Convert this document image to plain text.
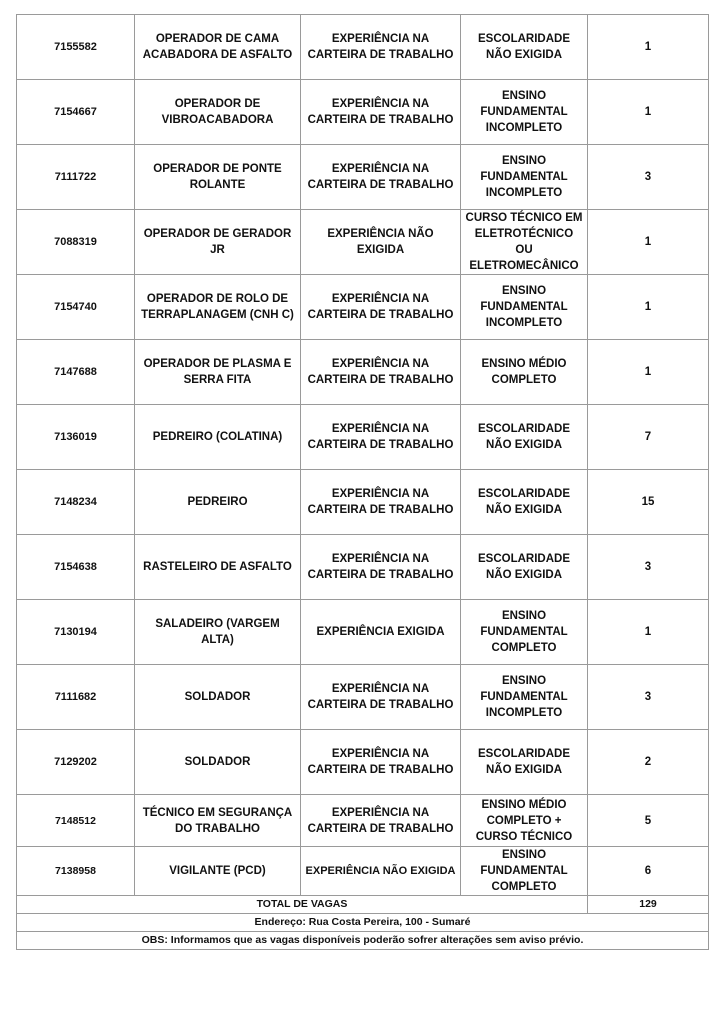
7155582	OPERADOR DE CAMA ACABADORA DE ASFALTO	EXPERIÊNCIA NA CARTEIRA DE TRABALHO	ESCOLARIDADE NÃO EXIGIDA	1
7154667	OPERADOR DE VIBROACABADORA	EXPERIÊNCIA NA CARTEIRA DE TRABALHO	ENSINO FUNDAMENTAL INCOMPLETO	1
7111722	OPERADOR DE PONTE ROLANTE	EXPERIÊNCIA NA CARTEIRA DE TRABALHO	ENSINO FUNDAMENTAL INCOMPLETO	3
7088319	OPERADOR DE GERADOR JR	EXPERIÊNCIA NÃO EXIGIDA	CURSO TÉCNICO EM ELETROTÉCNICO OU ELETROMECÂNICO	1
7154740	OPERADOR DE ROLO DE TERRAPLANAGEM (CNH C)	EXPERIÊNCIA NA CARTEIRA DE TRABALHO	ENSINO FUNDAMENTAL INCOMPLETO	1
7147688	OPERADOR DE PLASMA E SERRA FITA	EXPERIÊNCIA NA CARTEIRA DE TRABALHO	ENSINO MÉDIO COMPLETO	1
7136019	PEDREIRO (COLATINA)	EXPERIÊNCIA NA CARTEIRA DE TRABALHO	ESCOLARIDADE NÃO EXIGIDA	7
7148234	PEDREIRO	EXPERIÊNCIA NA CARTEIRA DE TRABALHO	ESCOLARIDADE NÃO EXIGIDA	15
7154638	RASTELEIRO DE ASFALTO	EXPERIÊNCIA NA CARTEIRA DE TRABALHO	ESCOLARIDADE NÃO EXIGIDA	3
7130194	SALADEIRO (VARGEM ALTA)	EXPERIÊNCIA EXIGIDA	ENSINO FUNDAMENTAL COMPLETO	1
7111682	SOLDADOR	EXPERIÊNCIA NA CARTEIRA DE TRABALHO	ENSINO FUNDAMENTAL INCOMPLETO	3
7129202	SOLDADOR	EXPERIÊNCIA NA CARTEIRA DE TRABALHO	ESCOLARIDADE NÃO EXIGIDA	2
7148512	TÉCNICO EM SEGURANÇA DO TRABALHO	EXPERIÊNCIA NA CARTEIRA DE TRABALHO	ENSINO MÉDIO COMPLETO + CURSO TÉCNICO	5
7138958	VIGILANTE (PCD)	EXPERIÊNCIA NÃO EXIGIDA	ENSINO FUNDAMENTAL COMPLETO	6
TOTAL DE VAGAS				129
Endereço: Rua Costa Pereira, 100 - Sumaré				
OBS: Informamos que as vagas disponíveis poderão sofrer alterações sem aviso prévio.				
